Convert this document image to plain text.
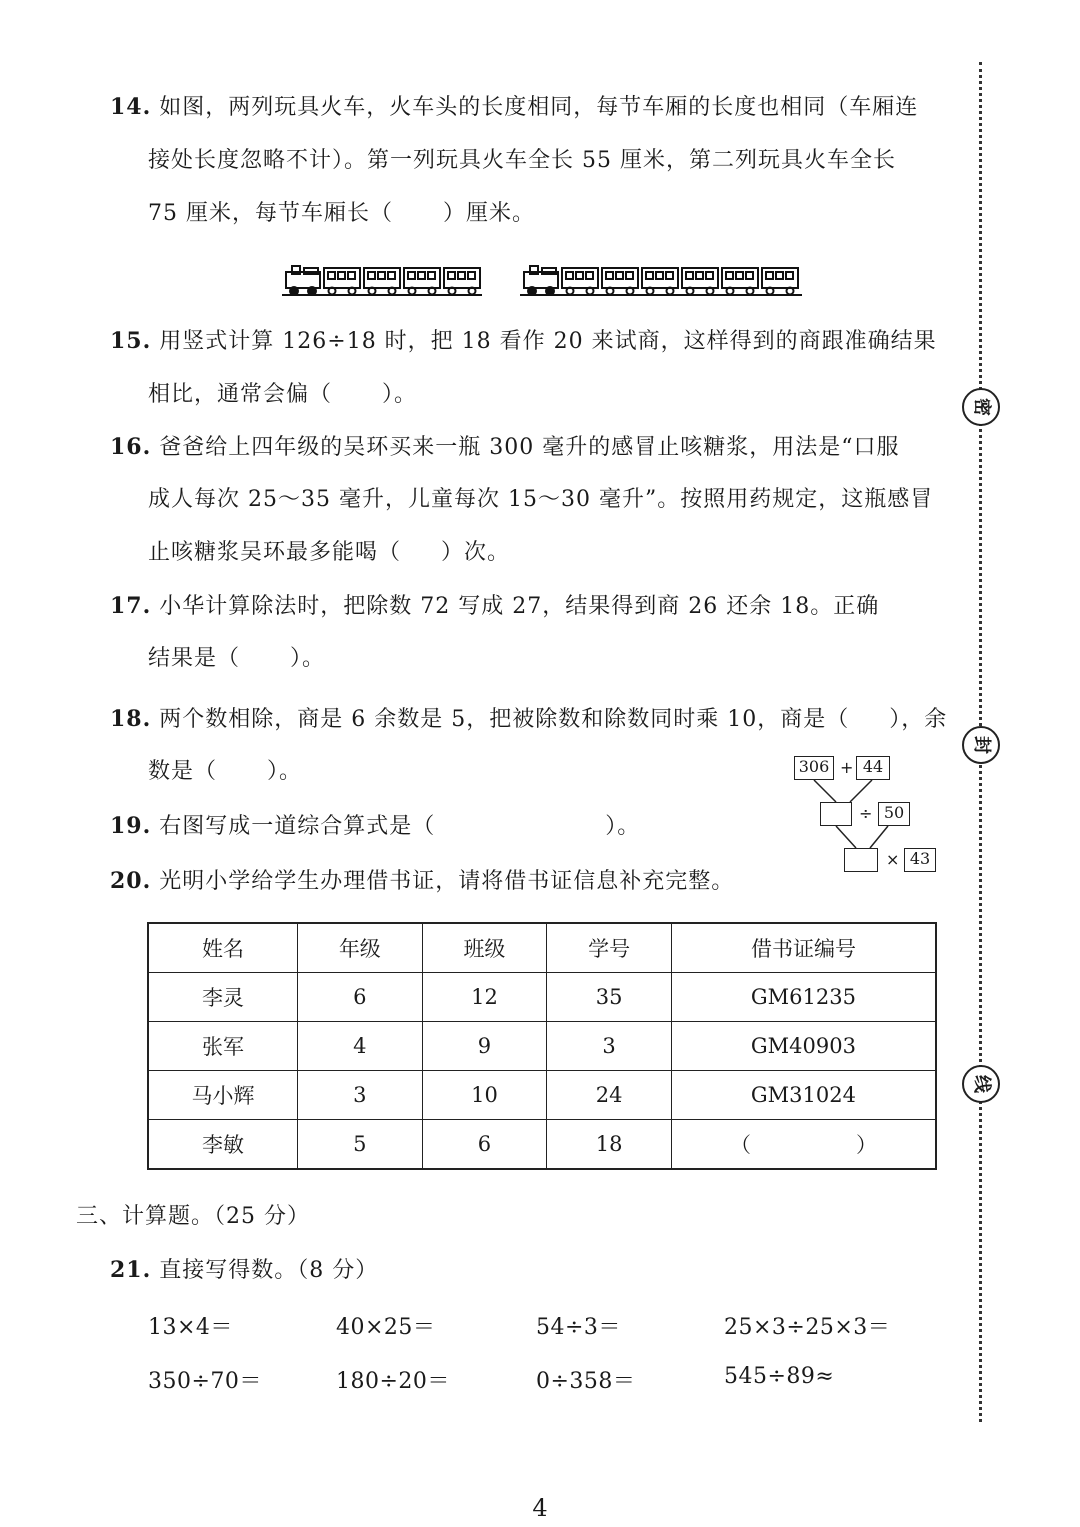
14. 如图，两列玩具火车，火车头的长度相同，每节车厢的长度也相同（车厢连
接处长度忽略不计）。第一列玩具火车全长 55 厘米，第二列玩具火车全长
75 厘米，每节车厢长（ ）厘米。
15. 用竖式计算 126÷18 时，把 18 看作 20 来试商，这样得到的商跟准确结果
相比，通常会偏（ ）。
16. 爸爸给上四年级的吴环买来一瓶 300 毫升的感冒止咳糖浆，用法是“口服
成人每次 25～35 毫升，儿童每次 15～30 毫升”。按照用药规定，这瓶感冒
止咳糖浆吴环最多能喝（ ）次。
17. 小华计算除法时，把除数 72 写成 27，结果得到商 26 还余 18。正确
结果是（ ）。
18. 两个数相除，商是 6 余数是 5，把被除数和除数同时乘 10，商是（ ），余
数是（ ）。
19. 右图写成一道综合算式是（	）。
306 + 44
÷ 50
× 43
20. 光明小学给学生办理借书证，请将借书证信息补充完整。
姓名	年级	班级	学号	借书证编号
李灵	6	12	35	GM61235
张军	4	9	3	GM40903
马小辉	3	10	24	GM31024
李敏	5	6	18	（　　　　　）
三、计算题。（25 分）
21. 直接写得数。（8 分）
13×4＝	40×25＝	54÷3＝	25×3÷25×3＝
350÷70＝	180÷20＝	0÷358＝	545÷89≈
密
封
线
4
